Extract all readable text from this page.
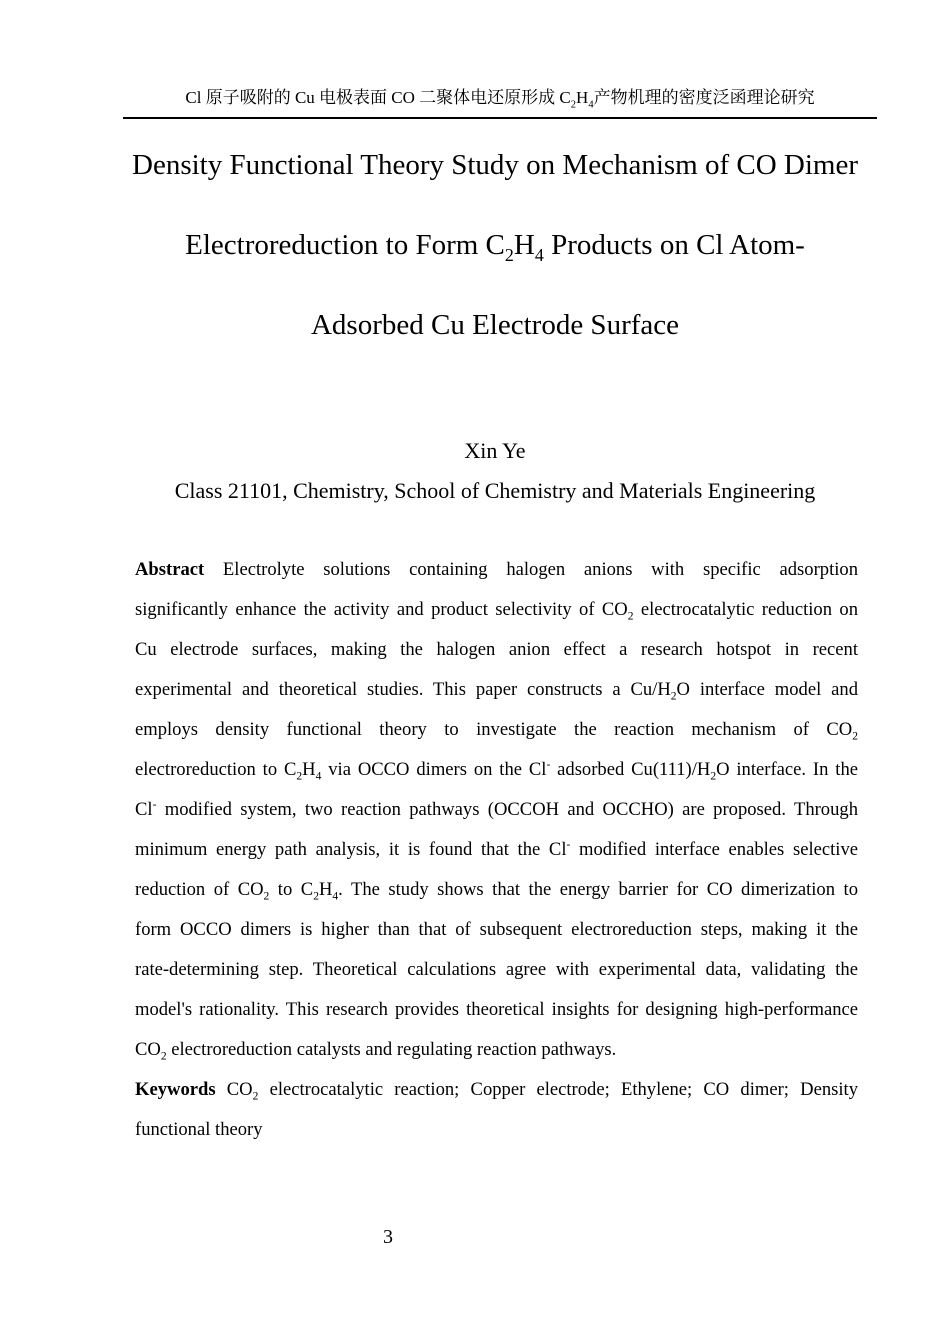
Cl 原子吸附的 Cu 电极表面 CO 二聚体电还原形成 $C_2H_4$产物机理的密度泛函理论研究
Density Functional Theory Study on Mechanism of CO Dimer
Electroreduction to Form $C_2H_4$ Products on Cl Atom-
Adsorbed Cu Electrode Surface
Xin Ye
Class 21101, Chemistry, School of Chemistry and Materials Engineering
Abstract Electrolyte solutions containing halogen anions with specific adsorption
significantly enhance the activity and product selectivity of $CO_2$ electrocatalytic reduction on
Cu electrode surfaces, making the halogen anion effect a research hotspot in recent
experimental and theoretical studies. This paper constructs a $Cu/H_2O$ interface model and
employs density functional theory to investigate the reaction mechanism of $CO_2$
electroreduction to $C_2H_4$ via OCCO dimers on the Cl- adsorbed $Cu(111)/H_2O$ interface. In the
Cl- modified system, two reaction pathways (OCCOH and OCCHO) are proposed. Through
minimum energy path analysis, it is found that the Cl- modified interface enables selective
reduction of $CO_2$ to $C_2H_4$. The study shows that the energy barrier for CO dimerization to
form OCCO dimers is higher than that of subsequent electroreduction steps, making it the
rate-determining step. Theoretical calculations agree with experimental data, validating the
model's rationality. This research provides theoretical insights for designing high-performance
$CO_2$ electroreduction catalysts and regulating reaction pathways.
Keywords $CO_2$ electrocatalytic reaction; Copper electrode; Ethylene; CO dimer; Density
functional theory
3
